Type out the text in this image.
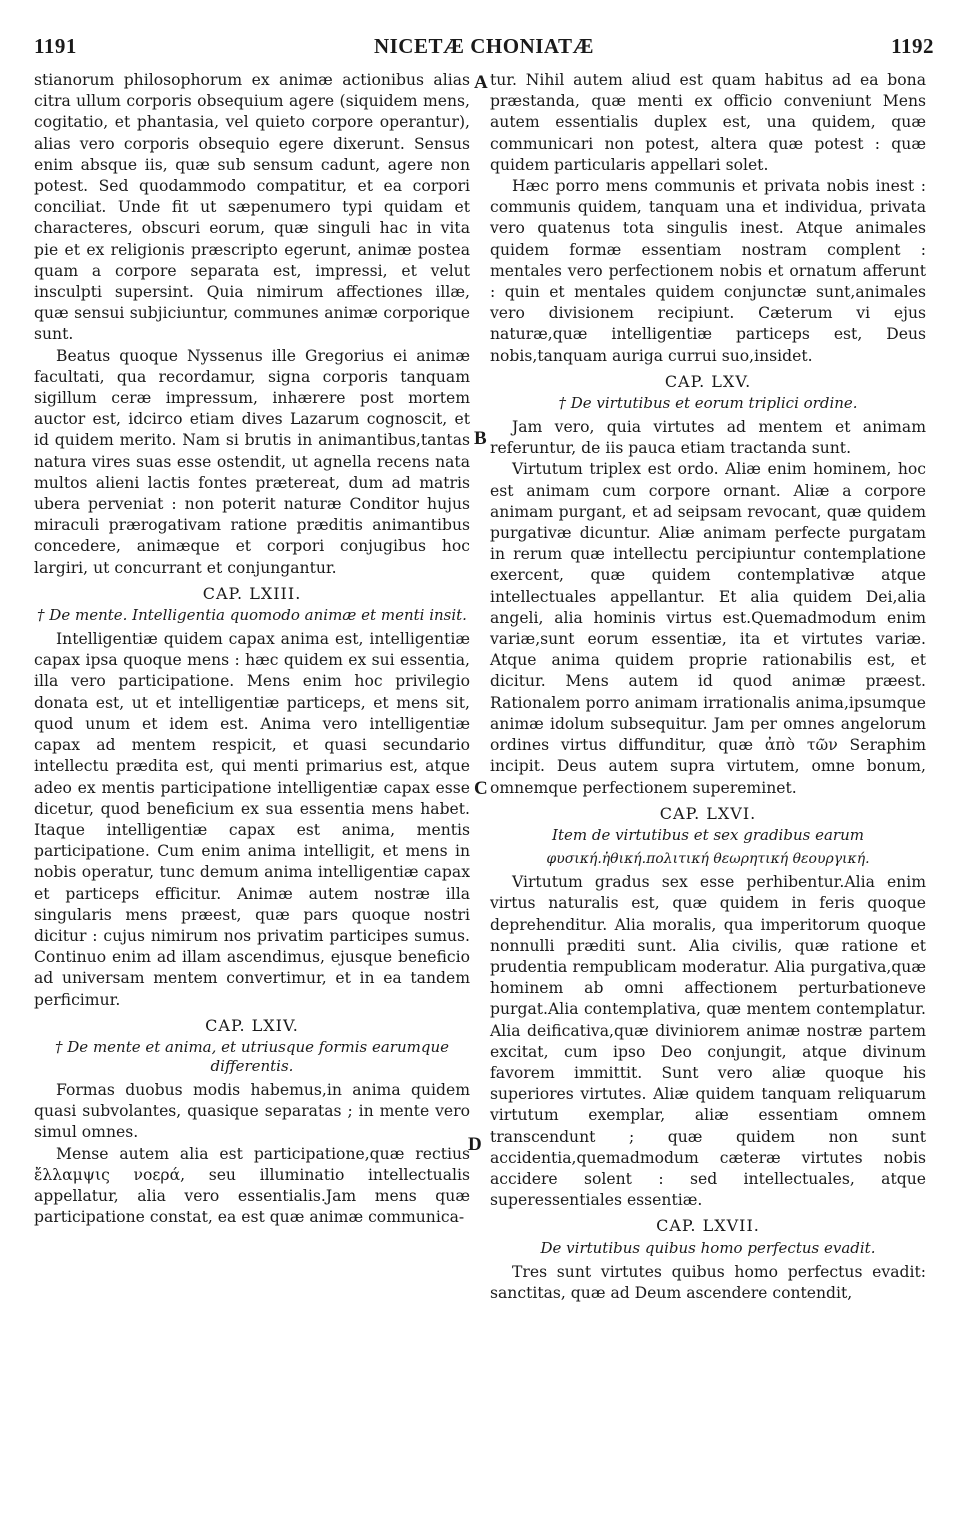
1191	NICETÆ CHONIATÆ	1192
A
B
C
D

stianorum philosophorum ex animæ actionibus alias citra ullum corporis obsequium agere (siquidem mens, cogitatio, et phantasia, vel quieto corpore operantur), alias vero corporis obsequio egere dixerunt. Sensus enim absque iis, quæ sub sensum cadunt, agere non potest. Sed quodammodo compatitur, et ea corpori conciliat. Unde fit ut sæpenumero typi quidam et characteres, obscuri eorum, quæ singuli hac in vita pie et ex religionis præscripto egerunt, animæ postea quam a corpore separata est, impressi, et velut insculpti supersint. Quia nimirum affectiones illæ, quæ sensui subjiciuntur, communes animæ corporique sunt.

Beatus quoque Nyssenus ille Gregorius ei animæ facultati, qua recordamur, signa corporis tanquam sigillum ceræ impressum, inhærere post mortem auctor est, idcirco etiam dives Lazarum cognoscit, et id quidem merito. Nam si brutis in animantibus,tantas natura vires suas esse ostendit, ut agnella recens nata multos alieni lactis fontes prætereat, dum ad matris ubera perveniat : non poterit naturæ Conditor hujus miraculi prærogativam ratione præditis animantibus concedere, animæque et corpori conjugibus hoc largiri, ut concurrant et conjungantur.

CAP. LXIII.
† De mente. Intelligentia quomodo animæ et menti insit.

Intelligentiæ quidem capax anima est, intelligentiæ capax ipsa quoque mens : hæc quidem ex sui essentia, illa vero participatione. Mens enim hoc privilegio donata est, ut et intelligentiæ particeps, et mens sit, quod unum et idem est. Anima vero intelligentiæ capax ad mentem respicit, et quasi secundario intellectu prædita est, qui menti primarius est, atque adeo ex mentis participatione intelligentiæ capax esse dicetur, quod beneficium ex sua essentia mens habet. Itaque intelligentiæ capax est anima, mentis participatione. Cum enim anima intelligit, et mens in nobis operatur, tunc demum anima intelligentiæ capax et particeps efficitur. Animæ autem nostræ illa singularis mens præest, quæ pars quoque nostri dicitur : cujus nimirum nos privatim participes sumus. Continuo enim ad illam ascendimus, ejusque beneficio ad universam mentem convertimur, et in ea tandem perficimur.

CAP. LXIV.
† De mente et anima, et utriusque formis earumque differentis.

Formas duobus modis habemus,in anima quidem quasi subvolantes, quasique separatas ; in mente vero simul omnes.

Mense autem alia est participatione,quæ rectius ἔλλαμψις νοερά, seu illuminatio intellectualis appellatur, alia vero essentialis.Jam mens quæ participatione constat, ea est quæ animæ communica-

tur. Nihil autem aliud est quam habitus ad ea bona præstanda, quæ menti ex officio conveniunt Mens autem essentialis duplex est, una quidem, quæ communicari non potest, altera quæ potest : quæ quidem particularis appellari solet.

Hæc porro mens communis et privata nobis inest : communis quidem, tanquam una et individua, privata vero quatenus tota singulis inest. Atque animales quidem formæ essentiam nostram complent : mentales vero perfectionem nobis et ornatum afferunt : quin et mentales quidem conjunctæ sunt,animales vero divisionem recipiunt. Cæterum vi ejus naturæ,quæ intelligentiæ particeps est, Deus nobis,tanquam auriga currui suo,insidet.

CAP. LXV.
† De virtutibus et eorum triplici ordine.

Jam vero, quia virtutes ad mentem et animam referuntur, de iis pauca etiam tractanda sunt.

Virtutum triplex est ordo. Aliæ enim hominem, hoc est animam cum corpore ornant. Aliæ a corpore animam purgant, et ad seipsam revocant, quæ quidem purgativæ dicuntur. Aliæ animam perfecte purgatam in rerum quæ intellectu percipiuntur contemplatione exercent, quæ quidem contemplativæ atque intellectuales appellantur. Et alia quidem Dei,alia angeli, alia hominis virtus est.Quemadmodum enim variæ,sunt eorum essentiæ, ita et virtutes variæ. Atque anima quidem proprie rationabilis est, et dicitur. Mens autem id quod animæ præest. Rationalem porro animam irrationalis anima,ipsumque animæ idolum subsequitur. Jam per omnes angelorum ordines virtus diffunditur, quæ ἀπὸ τῶν Seraphim incipit. Deus autem supra virtutem, omne bonum, omnemque perfectionem supereminet.

CAP. LXVI.
Item de virtutibus et sex gradibus earum
φυσική.ἠθική.πολιτική θεωρητική θεουργική.

Virtutum gradus sex esse perhibentur.Alia enim virtus naturalis est, quæ quidem in feris quoque deprehenditur. Alia moralis, qua imperitorum quoque nonnulli præditi sunt. Alia civilis, quæ ratione et prudentia rempublicam moderatur. Alia purgativa,quæ hominem ab omni affectionem perturbationeve purgat.Alia contemplativa, quæ mentem contemplatur. Alia deificativa,quæ diviniorem animæ nostræ partem excitat, cum ipso Deo conjungit, atque divinum favorem immittit. Sunt vero aliæ quoque his superiores virtutes. Aliæ quidem tanquam reliquarum virtutum exemplar, aliæ essentiam omnem transcendunt ; quæ quidem non sunt accidentia,quemadmodum cæteræ virtutes nobis accidere solent : sed intellectuales, atque superessentiales essentiæ.

CAP. LXVII.
De virtutibus quibus homo perfectus evadit.

Tres sunt virtutes quibus homo perfectus evadit: sanctitas, quæ ad Deum ascendere contendit,
